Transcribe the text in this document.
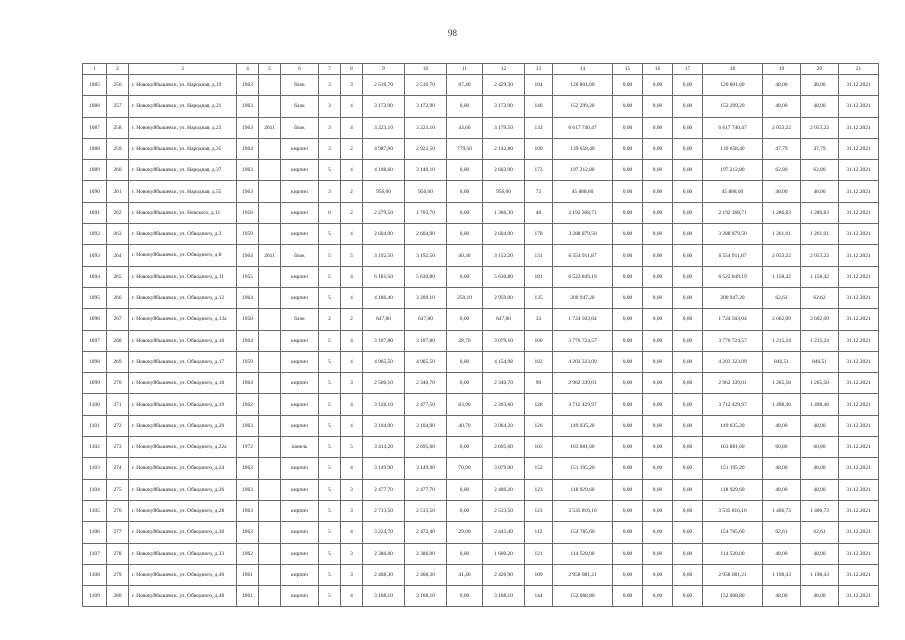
98
1	2	3	4	5	6	7	8	9	10	11	12	13	14	15	16	17	18	19	20	21
1085	256	г. Новокуйбышевск, ул. Народная, д.19	1963		блок	3	3	2 516,70	2 516,70	87,40	2 429,30	104	120 801,60	0,00	0,00	0,00	120 801,60	48,00	48,00	31.12.2021
1086	257	г. Новокуйбышевск, ул. Народная, д.21	1963		блок	3	4	3 172,90	3 172,90	0,00	3 172,90	140	152 299,20	0,00	0,00	0,00	152 299,20	48,00	48,00	31.12.2021
1087	258	г. Новокуйбышевск, ул. Народная, д.23	1963	2011	блок	3	4	3 223,10	3 223,10	43,60	3 179,50	132	6 617 740,47	0,00	0,00	0,00	6 617 740,47	2 053,22	2 053,22	31.12.2021
1088	259	г. Новокуйбышевск, ул. Народная, д.35	1964		кирпич	3	2	4 987,90	2 922,50	779,50	2 142,80	100	139 658,40	0,00	0,00	0,00	139 658,40	47,79	47,79	31.12.2021
1089	260	г. Новокуйбышевск, ул. Народная, д.37	1963		кирпич	5	4	4 108,60	3 140,10	0,00	2 662,90	173	197 212,80	0,00	0,00	0,00	197 212,80	62,80	62,80	31.12.2021
1090	261	г. Новокуйбышевск, ул. Народная, д.55	1963		кирпич	3	2	956,00	956,00	0,00	956,00	72	45 888,00	0,00	0,00	0,00	45 888,00	48,00	48,00	31.12.2021
1091	262	г. Новокуйбышевск, ул. Невского, д.11	1956		кирпич	6	2	2 279,50	1 703,70	0,00	1 366,30	46	2 192 368,71	0,00	0,00	0,00	2 192 368,71	1 286,83	1 286,83	31.12.2021
1092	263	г. Новокуйбышевск, ул. Обводного, д.3	1959		кирпич	5	4	2 604,90	2 604,90	0,00	2 604,90	178	3 288 879,50	0,00	0,00	0,00	3 288 879,50	1 261,01	1 261,01	31.12.2021
1093	264	г. Новокуйбышевск, ул. Обводного, д.8	1964	2011	блок	5	5	3 192,50	3 192,50	40,30	3 152,20	131	6 554 911,87	0,00	0,00	0,00	6 554 911,87	2 053,22	2 053,22	31.12.2021
1094	265	г. Новокуйбышевск, ул. Обводного, д.11	1955		кирпич	5	4	6 181,50	5 630,80	0,00	5 630,80	181	6 522 849,19	0,00	0,00	0,00	6 522 849,19	1 158,42	1 158,42	31.12.2021
1095	266	г. Новокуйбышевск, ул. Обводного, д.12	1964		кирпич	5	4	4 186,40	3 209,10	250,10	2 959,00	135	200 947,20	0,00	0,00	0,00	200 947,20	62,62	62,62	31.12.2021
1096	267	г. Новокуйбышевск, ул. Обводного, д.13а	1958		блок	2	2	647,80	647,80	0,00	647,80	33	1 724 503,04	0,00	0,00	0,00	1 724 503,04	2 662,09	2 662,09	31.12.2021
1097	268	г. Новокуйбышевск, ул. Обводного, д.16	1964		кирпич	5	4	3 107,80	3 107,80	28,70	3 079,10	160	3 776 724,57	0,00	0,00	0,00	3 776 724,57	1 215,24	1 215,24	31.12.2021
1098	269	г. Новокуйбышевск, ул. Обводного, д.17	1959		кирпич	5	4	4 965,50	4 965,50	0,00	4 154,98	102	4 203 323,09	0,00	0,00	0,00	4 203 323,09	846,51	846,51	31.12.2021
1099	270	г. Новокуйбышевск, ул. Обводного, д.18	1964		кирпич	5	3	2 506,10	2 340,70	0,00	2 340,70	90	2 962 339,01	0,00	0,00	0,00	2 962 339,01	1 265,58	1 265,58	31.12.2021
1100	271	г. Новокуйбышевск, ул. Обводного, д.19	1962		кирпич	5	4	3 128,10	2 477,50	83,90	2 393,60	128	3 712 429,97	0,00	0,00	0,00	3 712 429,97	1 498,46	1 498,46	31.12.2021
1101	272	г. Новокуйбышевск, ул. Обводного, д.20	1963		кирпич	5	4	3 104,90	3 104,90	40,70	3 064,20	126	149 035,20	0,00	0,00	0,00	149 035,20	48,00	48,00	31.12.2021
1102	273	г. Новокуйбышевск, ул. Обводного, д.22а	1972		панель	5	5	3 414,20	2 695,60	0,00	2 695,60	105	163 881,60	0,00	0,00	0,00	163 881,60	60,80	60,80	31.12.2021
1103	274	г. Новокуйбышевск, ул. Обводного, д.24	1963		кирпич	5	4	3 149,90	3 149,90	70,90	3 079,00	152	151 195,20	0,00	0,00	0,00	151 195,20	48,00	48,00	31.12.2021
1104	275	г. Новокуйбышевск, ул. Обводного, д.26	1963		кирпич	5	3	2 477,70	2 477,70	0,00	2 406,20	123	118 929,60	0,00	0,00	0,00	118 929,60	48,00	48,00	31.12.2021
1105	276	г. Новокуйбышевск, ул. Обводного, д.28	1963		кирпич	5	3	2 713,50	2 513,50	0,00	2 513,50	123	3 535 816,16	0,00	0,00	0,00	3 535 816,16	1 406,73	1 406,73	31.12.2021
1106	277	г. Новокуйбышевск, ул. Обводного, д.30	1963		кирпич	5	4	3 224,70	2 472,40	29,00	2 443,40	112	154 785,60	0,00	0,00	0,00	154 785,60	62,61	62,61	31.12.2021
1107	278	г. Новокуйбышевск, ул. Обводного, д.33	1962		кирпич	5	3	2 386,00	2 386,00	0,00	1 600,20	121	114 528,00	0,00	0,00	0,00	114 528,00	48,00	48,00	31.12.2021
1108	279	г. Новокуйбышевск, ул. Обводного, д.46	1961		кирпич	5	3	2 468,30	2 468,30	41,40	2 426,90	109	2 958 081,21	0,00	0,00	0,00	2 958 081,21	1 198,43	1 198,43	31.12.2021
1109	280	г. Новокуйбышевск, ул. Обводного, д.48	1961		кирпич	5	4	3 168,10	3 168,10	0,00	3 168,10	144	152 068,80	0,00	0,00	0,00	152 068,80	48,00	48,00	31.12.2021
